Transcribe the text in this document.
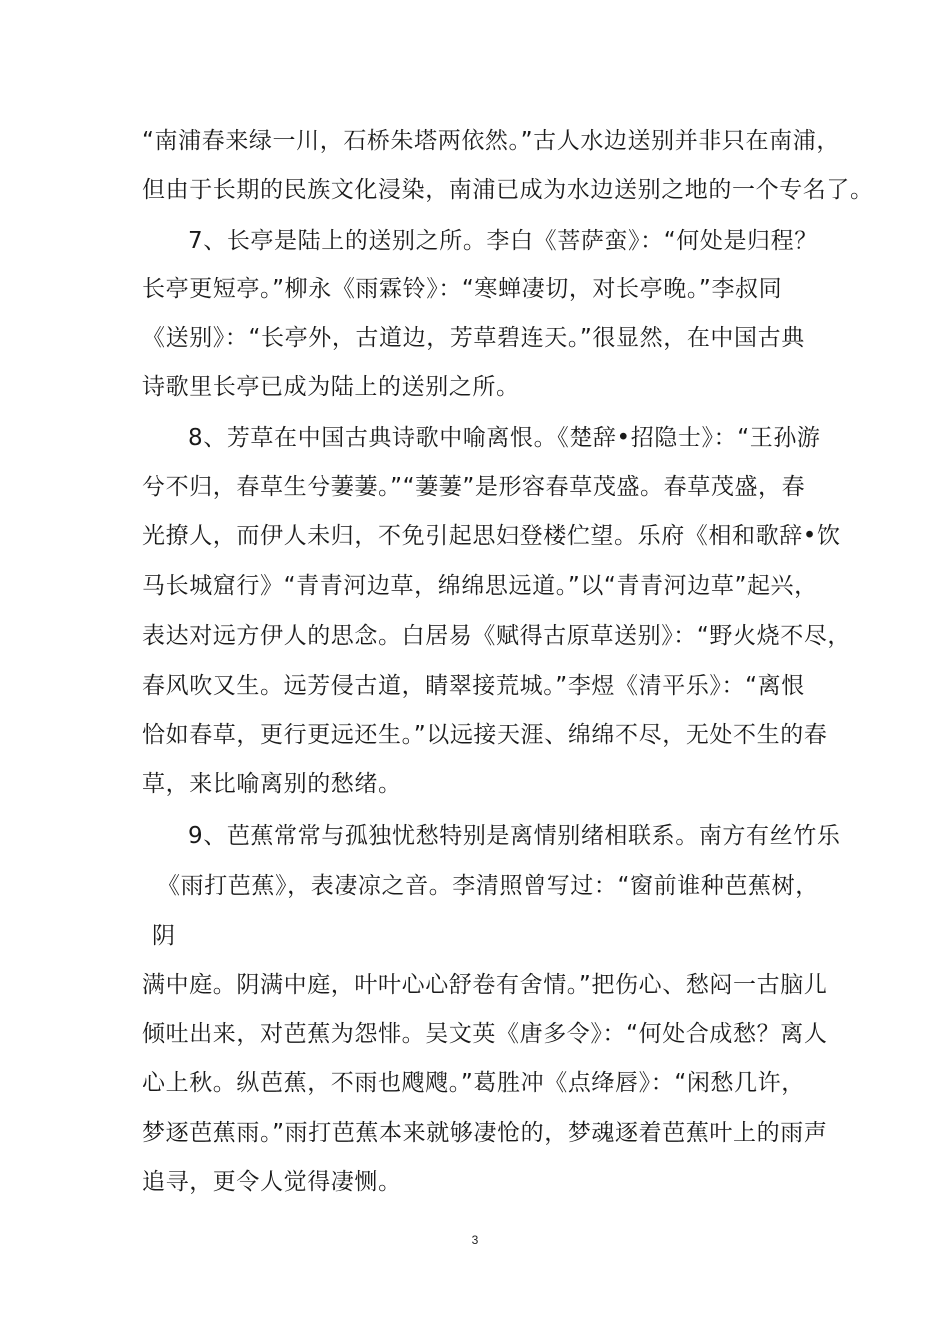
“南浦春来绿一川，石桥朱塔两依然。”古人水边送别并非只在南浦，
但由于长期的民族文化浸染，南浦已成为水边送别之地的一个专名了。
7、长亭是陆上的送别之所。李白《菩萨蛮》：“何处是归程？
长亭更短亭。”柳永《雨霖铃》：“寒蝉凄切，对长亭晚。”李叔同
《送别》：“长亭外，古道边，芳草碧连天。”很显然，在中国古典
诗歌里长亭已成为陆上的送别之所。
8、芳草在中国古典诗歌中喻离恨。《楚辞•招隐士》：“王孙游
兮不归，春草生兮萋萋。”“萋萋”是形容春草茂盛。春草茂盛，春
光撩人，而伊人未归，不免引起思妇登楼伫望。乐府《相和歌辞•饮
马长城窟行》“青青河边草，绵绵思远道。”以“青青河边草”起兴，
表达对远方伊人的思念。白居易《赋得古原草送别》：“野火烧不尽，
春风吹又生。远芳侵古道，睛翠接荒城。”李煜《清平乐》：“离恨
恰如春草，更行更远还生。”以远接天涯、绵绵不尽，无处不生的春
草，来比喻离别的愁绪。
9、芭蕉常常与孤独忧愁特别是离情别绪相联系。南方有丝竹乐
《雨打芭蕉》，表凄凉之音。李清照曾写过：“窗前谁种芭蕉树，
阴
满中庭。阴满中庭，叶叶心心舒卷有舍情。”把伤心、愁闷一古脑儿
倾吐出来，对芭蕉为怨悱。吴文英《唐多令》：“何处合成愁？离人
心上秋。纵芭蕉，不雨也飕飕。”葛胜冲《点绛唇》：“闲愁几许，
梦逐芭蕉雨。”雨打芭蕉本来就够凄怆的，梦魂逐着芭蕉叶上的雨声
追寻，更令人觉得凄恻。
3
